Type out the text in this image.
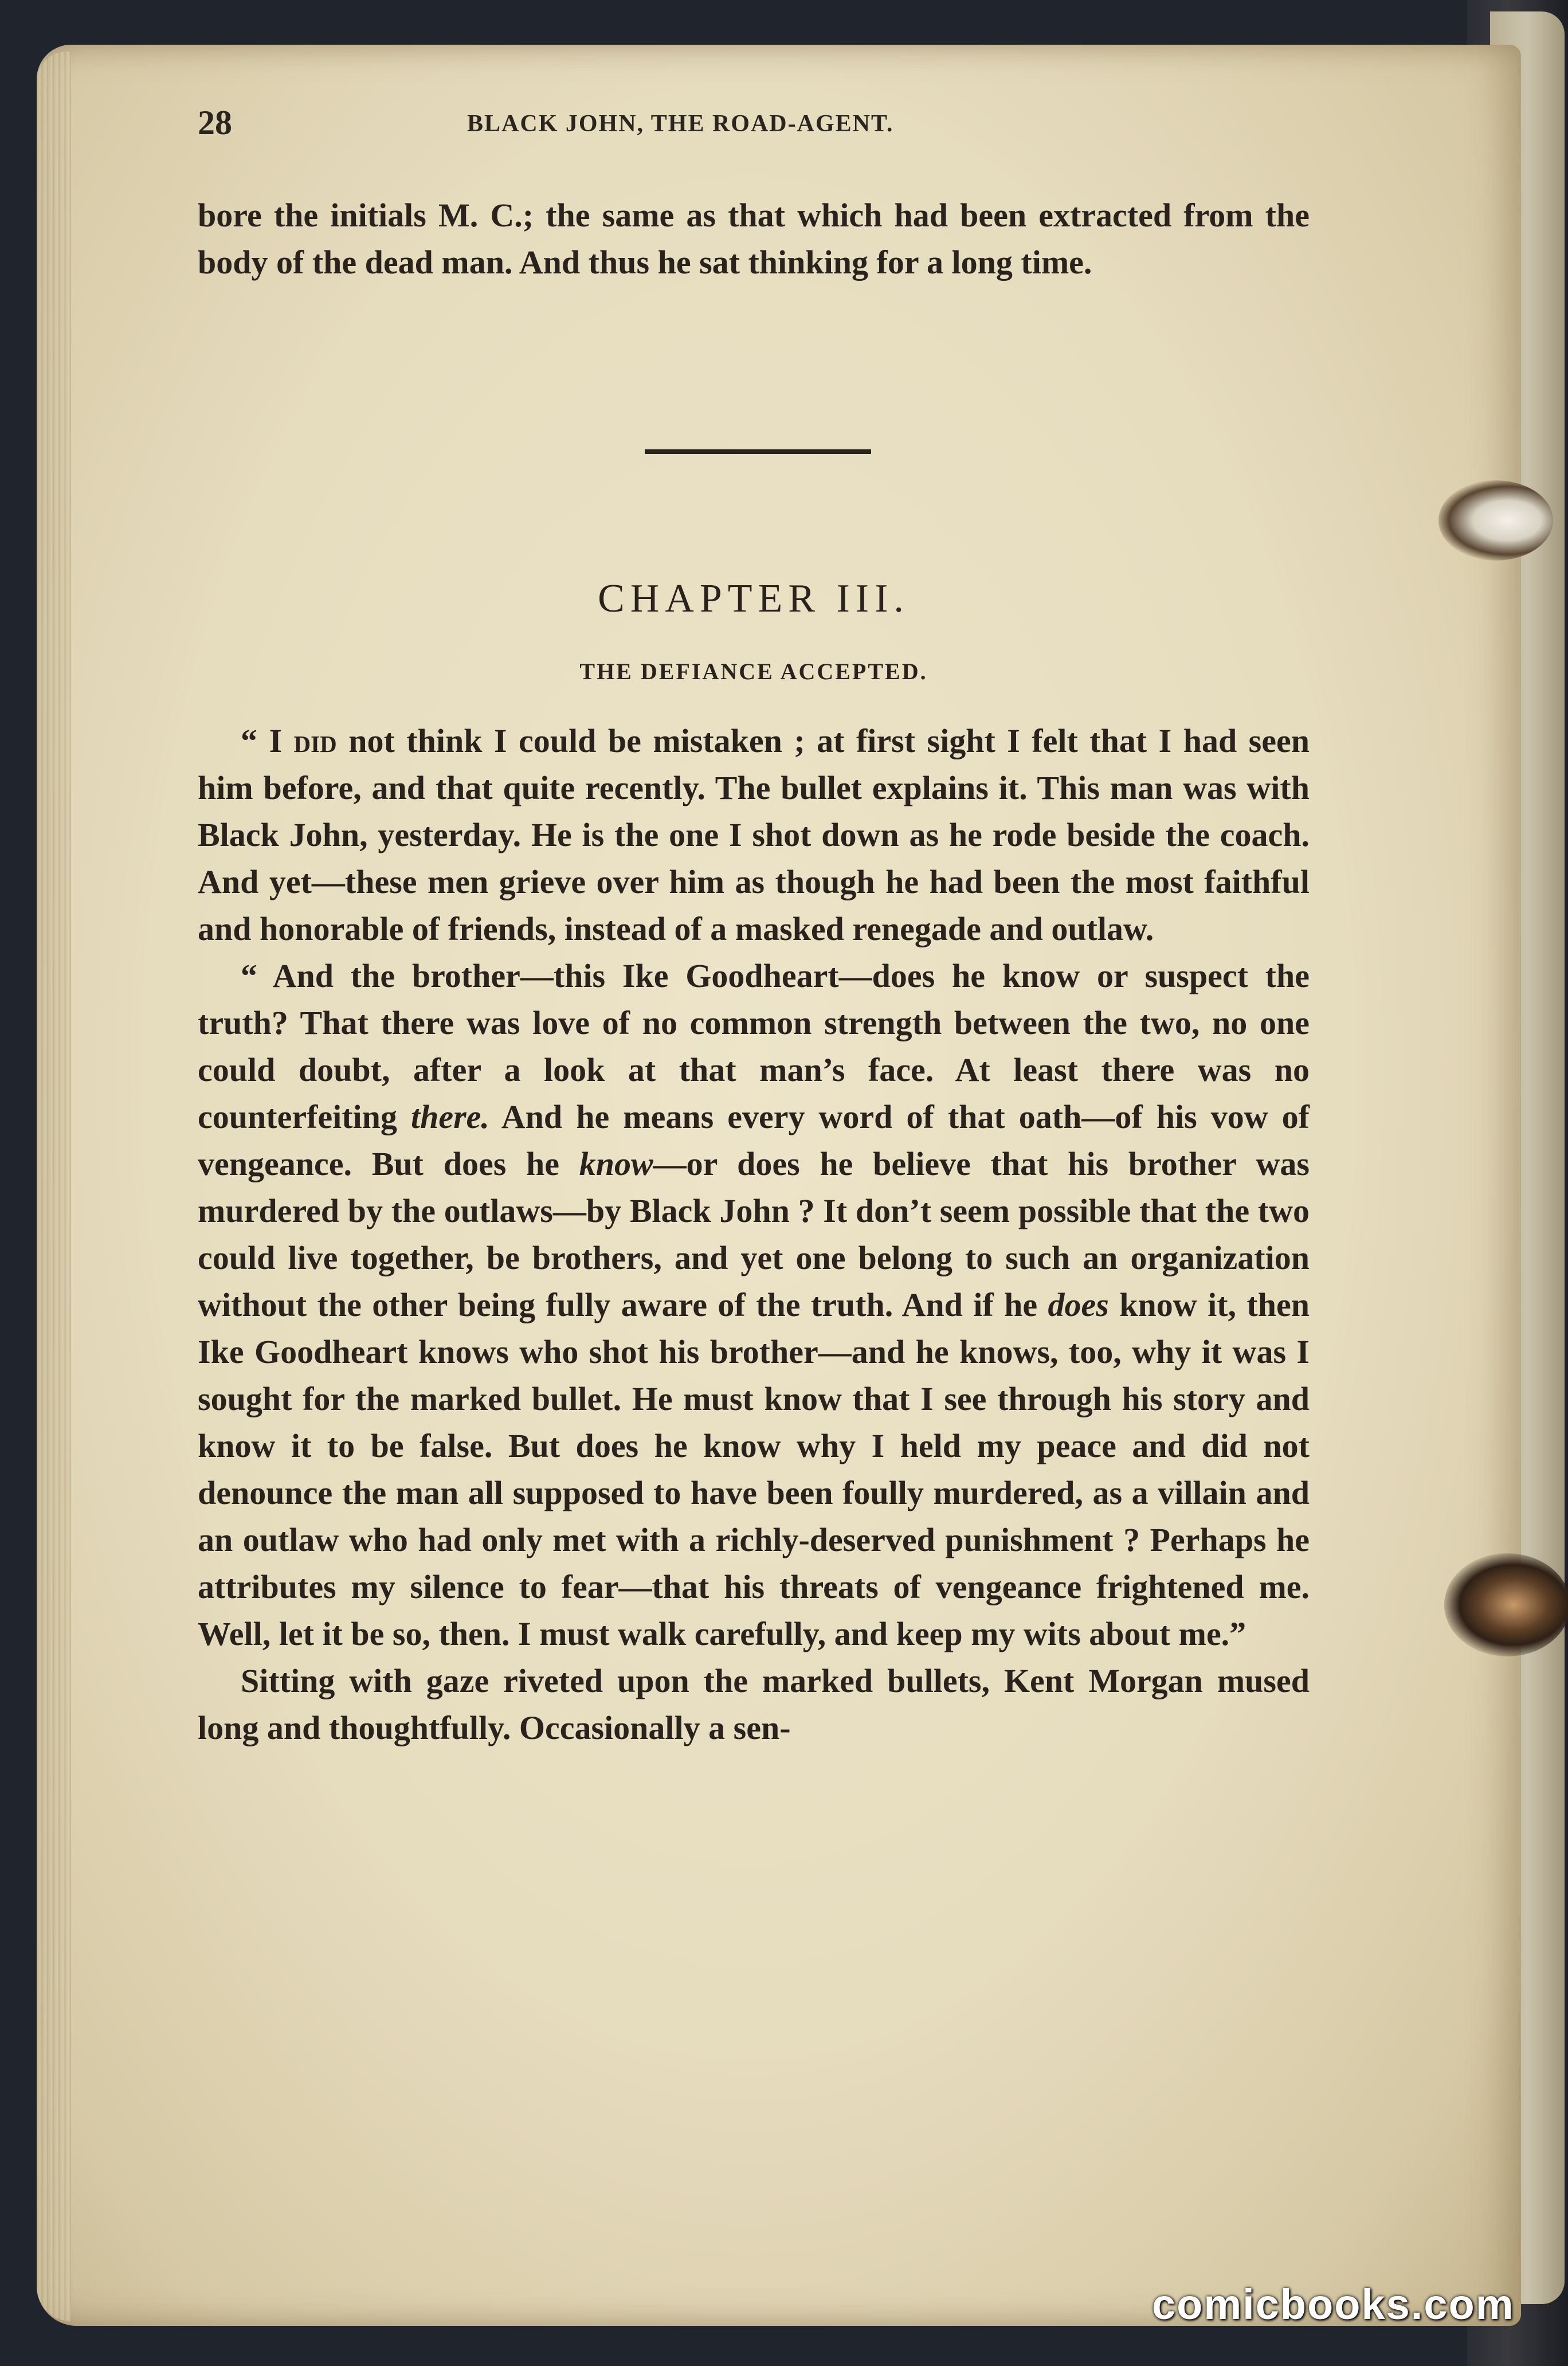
28	BLACK JOHN, THE ROAD-AGENT.
bore the initials M. C.; the same as that which had been extracted from the body of the dead man. And thus he sat thinking for a long time.
CHAPTER III.
THE DEFIANCE ACCEPTED.

“ I did not think I could be mistaken ; at first sight I felt that I had seen him before, and that quite recently. The bullet explains it. This man was with Black John, yesterday. He is the one I shot down as he rode beside the coach. And yet—these men grieve over him as though he had been the most faithful and honorable of friends, instead of a masked renegade and outlaw.

“ And the brother—this Ike Goodheart—does he know or suspect the truth? That there was love of no common strength between the two, no one could doubt, after a look at that man’s face. At least there was no counterfeiting there. And he means every word of that oath—of his vow of vengeance. But does he know—or does he believe that his brother was murdered by the outlaws—by Black John ? It don’t seem possible that the two could live together, be brothers, and yet one belong to such an organization without the other being fully aware of the truth. And if he does know it, then Ike Goodheart knows who shot his brother—and he knows, too, why it was I sought for the marked bullet. He must know that I see through his story and know it to be false. But does he know why I held my peace and did not denounce the man all supposed to have been foully murdered, as a villain and an outlaw who had only met with a richly-deserved punishment ? Perhaps he attributes my silence to fear—that his threats of vengeance frightened me. Well, let it be so, then. I must walk carefully, and keep my wits about me.”

Sitting with gaze riveted upon the marked bullets, Kent Morgan mused long and thoughtfully. Occasionally a sen-

comicbooks.com
